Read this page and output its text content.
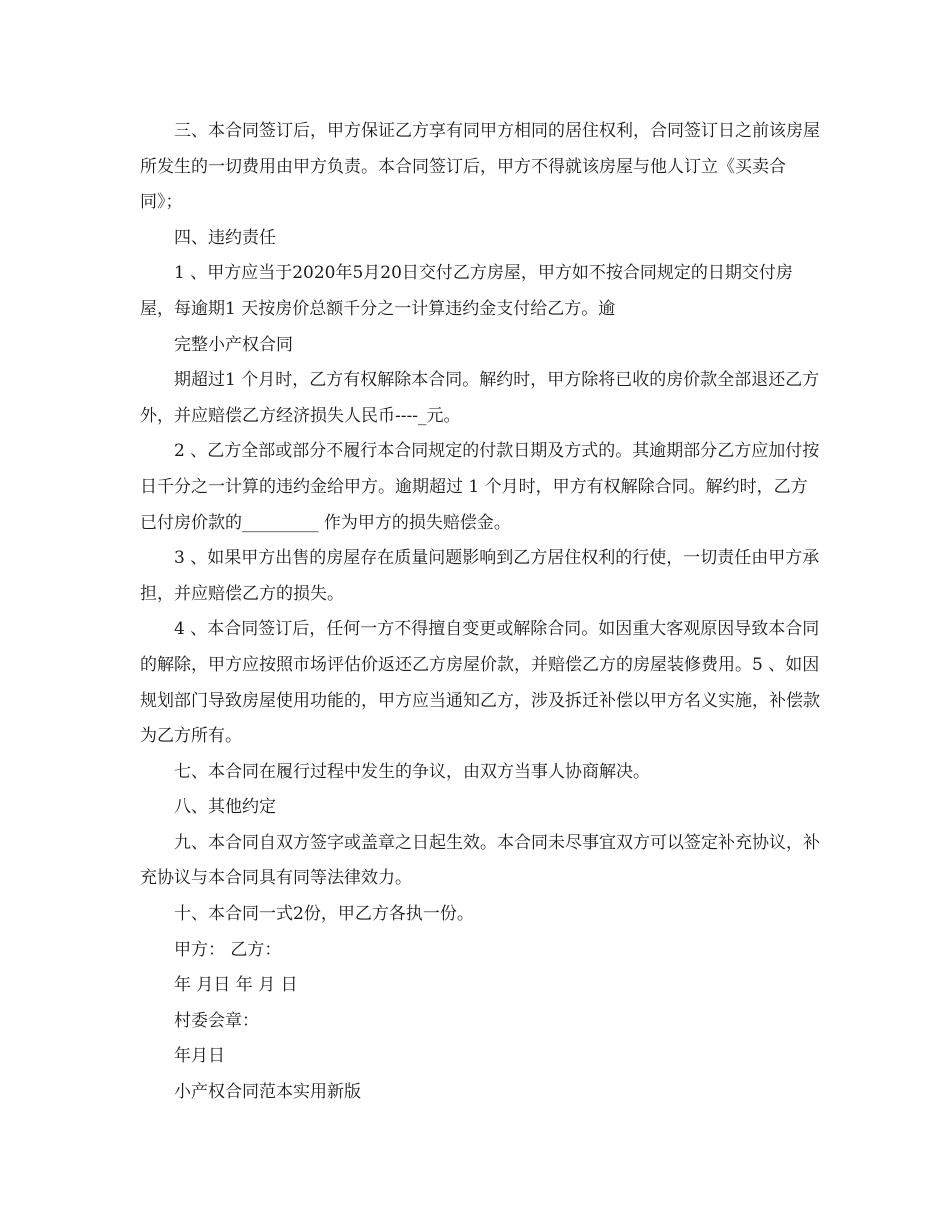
三、本合同签订后，甲方保证乙方享有同甲方相同的居住权利，合同签订日之前该房屋所发生的一切费用由甲方负责。本合同签订后，甲方不得就该房屋与他人订立《买卖合同》；

四、违约责任

1 、甲方应当于2020年5月20日交付乙方房屋，甲方如不按合同规定的日期交付房屋，每逾期1 天按房价总额千分之一计算违约金支付给乙方。逾

完整小产权合同

期超过1 个月时，乙方有权解除本合同。解约时，甲方除将已收的房价款全部退还乙方外，并应赔偿乙方经济损失人民币----_元。

2 、乙方全部或部分不履行本合同规定的付款日期及方式的。其逾期部分乙方应加付按日千分之一计算的违约金给甲方。逾期超过 1 个月时，甲方有权解除合同。解约时，乙方已付房价款的_________ 作为甲方的损失赔偿金。

3 、如果甲方出售的房屋存在质量问题影响到乙方居住权利的行使，一切责任由甲方承担，并应赔偿乙方的损失。

4 、本合同签订后，任何一方不得擅自变更或解除合同。如因重大客观原因导致本合同的解除，甲方应按照市场评估价返还乙方房屋价款，并赔偿乙方的房屋装修费用。5 、如因规划部门导致房屋使用功能的，甲方应当通知乙方，涉及拆迁补偿以甲方名义实施，补偿款为乙方所有。

七、本合同在履行过程中发生的争议，由双方当事人协商解决。

八、其他约定

九、本合同自双方签字或盖章之日起生效。本合同未尽事宜双方可以签定补充协议，补充协议与本合同具有同等法律效力。

十、本合同一式2份，甲乙方各执一份。

甲方： 乙方：

年 月日 年 月 日

村委会章：

年月日

小产权合同范本实用新版
